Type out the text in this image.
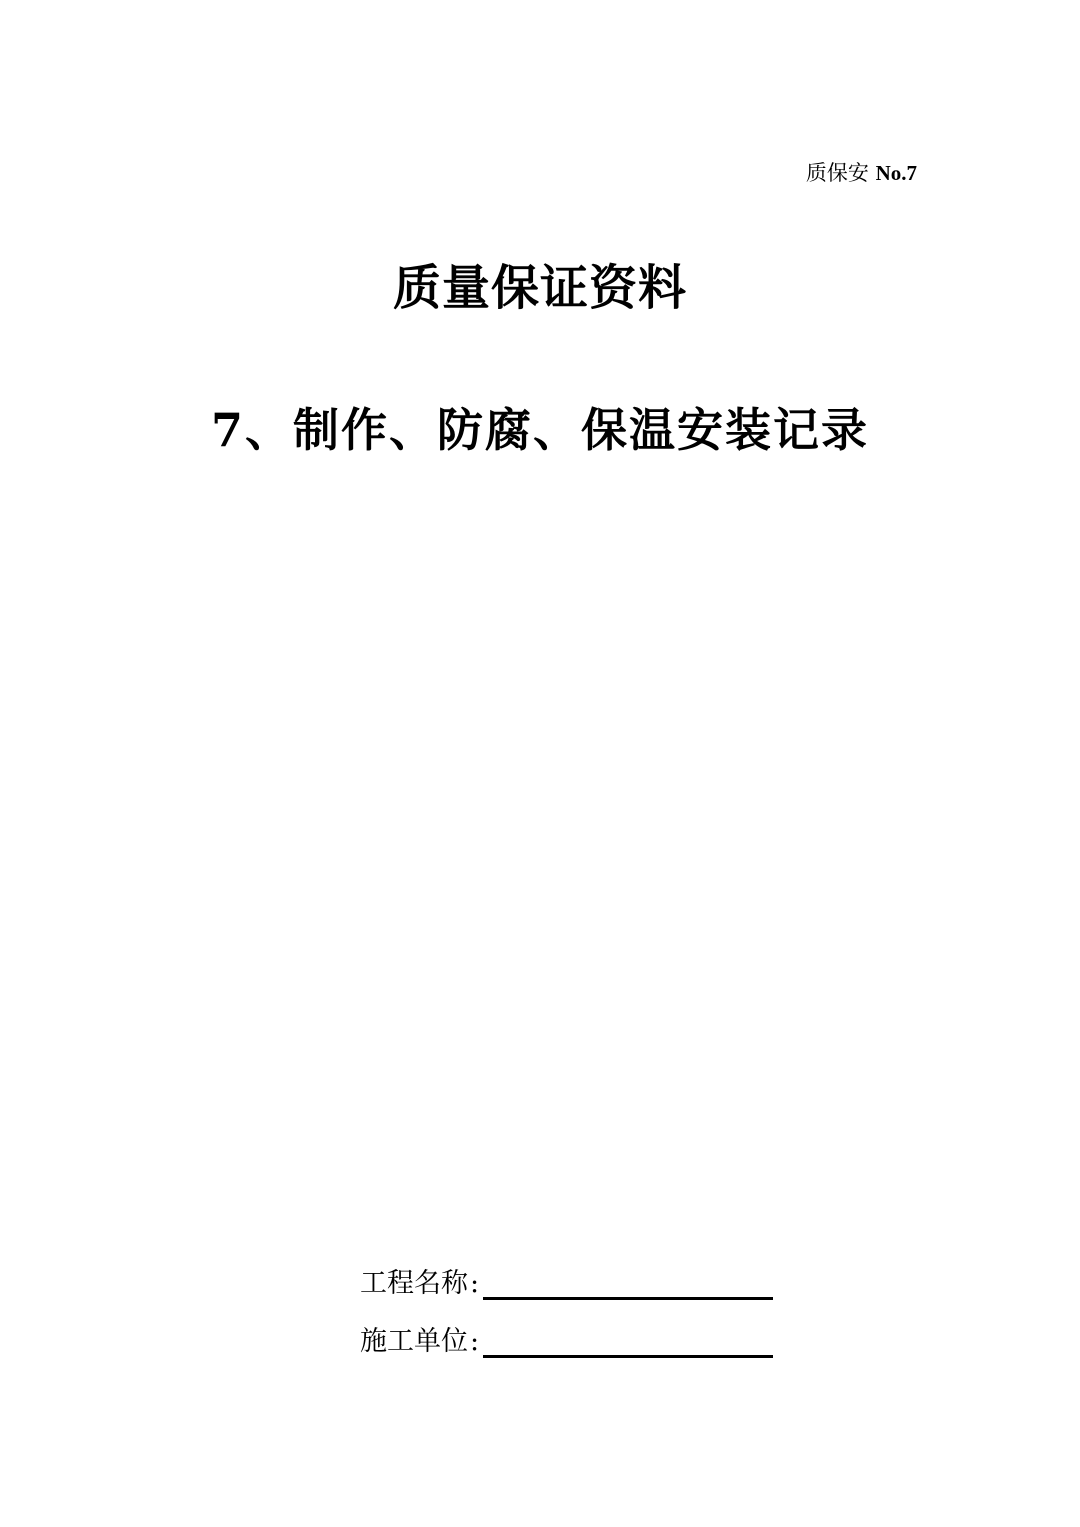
质保安 No.7
质量保证资料
7、制作、防腐、保温安装记录
工程名称 :
施工单位 :
